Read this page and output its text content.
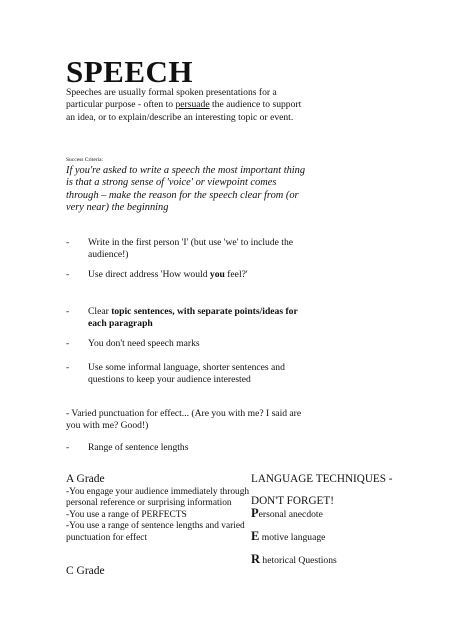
SPEECH
Speeches are usually formal spoken presentations for a particular purpose - often to persuade the audience to support an idea, or to explain/describe an interesting topic or event.
Success Criteria:
If you're asked to write a speech the most important thing is that a strong sense of 'voice' or viewpoint comes through – make the reason for the speech clear from (or very near) the beginning
-	Write in the first person 'I' (but use 'we' to include the audience!)
-	Use direct address 'How would you feel?'
-	Clear topic sentences, with separate points/ideas for each paragraph
-	You don't need speech marks
-	Use some informal language, shorter sentences and questions to keep your audience interested
- Varied punctuation for effect... (Are you with me? I said are you with me? Good!)
-	Range of sentence lengths
A Grade
-You engage your audience immediately through personal reference or surprising information
-You use a range of PERFECTS
-You use a range of sentence lengths and varied punctuation for effect
C Grade
LANGUAGE TECHNIQUES -
DON'T FORGET!
Personal anecdote
E motive language
R hetorical Questions
